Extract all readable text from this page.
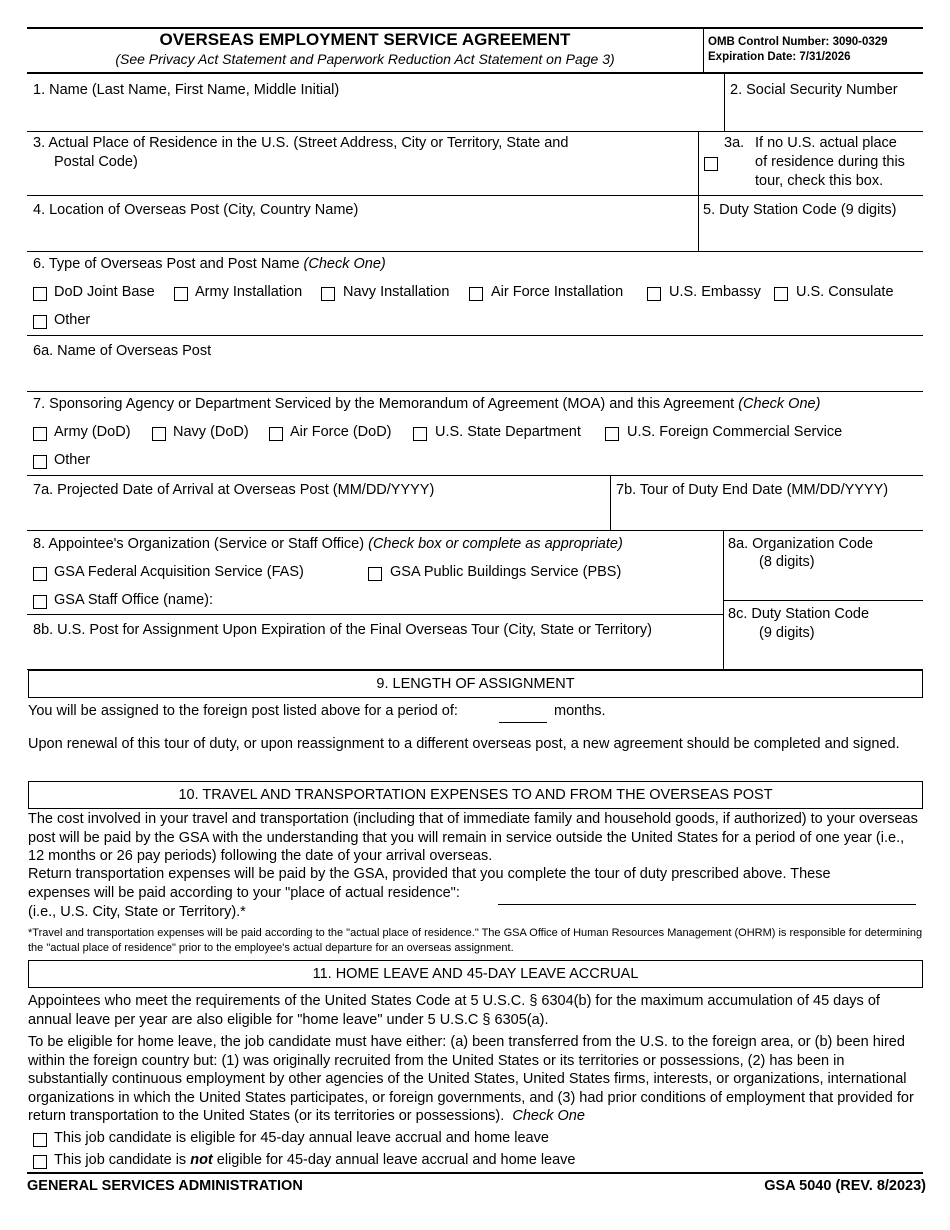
OVERSEAS EMPLOYMENT SERVICE AGREEMENT
(See Privacy Act Statement and Paperwork Reduction Act Statement on Page 3)
OMB Control Number: 3090-0329
Expiration Date: 7/31/2026
1. Name (Last Name, First Name, Middle Initial)	2. Social Security Number
3. Actual Place of Residence in the U.S. (Street Address, City or Territory, State and
Postal Code)
3a. If no U.S. actual place
of residence during this
tour, check this box.
4. Location of Overseas Post (City, Country Name)	5. Duty Station Code (9 digits)
6. Type of Overseas Post and Post Name (Check One)
DoD Joint Base	Army Installation	Navy Installation	Air Force Installation	U.S. Embassy U.S. Consulate
Other
6a. Name of Overseas Post
7. Sponsoring Agency or Department Serviced by the Memorandum of Agreement (MOA) and this Agreement (Check One)
Army (DoD)	Navy (DoD)	Air Force (DoD)	U.S. State Department	U.S. Foreign Commercial Service
Other
7a. Projected Date of Arrival at Overseas Post (MM/DD/YYYY)	7b. Tour of Duty End Date (MM/DD/YYYY)
8. Appointee's Organization (Service or Staff Office) (Check box or complete as appropriate)
GSA Federal Acquisition Service (FAS)	GSA Public Buildings Service (PBS)
GSA Staff Office (name):
8a. Organization Code
(8 digits)
8c. Duty Station Code
(9 digits)
8b. U.S. Post for Assignment Upon Expiration of the Final Overseas Tour (City, State or Territory)
9. LENGTH OF ASSIGNMENT
You will be assigned to the foreign post listed above for a period of:	months.
Upon renewal of this tour of duty, or upon reassignment to a different overseas post, a new agreement should be completed and signed.
10. TRAVEL AND TRANSPORTATION EXPENSES TO AND FROM THE OVERSEAS POST
The cost involved in your travel and transportation (including that of immediate family and household goods, if authorized) to your overseas post will be paid by the GSA with the understanding that you will remain in service outside the United States for a period of one year (i.e., 12 months or 26 pay periods) following the date of your arrival overseas.
Return transportation expenses will be paid by the GSA, provided that you complete the tour of duty prescribed above. These
expenses will be paid according to your "place of actual residence":
(i.e., U.S. City, State or Territory).*
*Travel and transportation expenses will be paid according to the "actual place of residence." The GSA Office of Human Resources Management (OHRM) is responsible for determining the "actual place of residence" prior to the employee's actual departure for an overseas assignment.
11. HOME LEAVE AND 45-DAY LEAVE ACCRUAL
Appointees who meet the requirements of the United States Code at 5 U.S.C. § 6304(b) for the maximum accumulation of 45 days of annual leave per year are also eligible for "home leave" under 5 U.S.C § 6305(a).
To be eligible for home leave, the job candidate must have either: (a) been transferred from the U.S. to the foreign area, or (b) been hired within the foreign country but: (1) was originally recruited from the United States or its territories or possessions, (2) has been in substantially continuous employment by other agencies of the United States, United States firms, interests, or organizations, international organizations in which the United States participates, or foreign governments, and (3) had prior conditions of employment that provided for return transportation to the United States (or its territories or possessions). Check One
This job candidate is eligible for 45-day annual leave accrual and home leave
This job candidate is not eligible for 45-day annual leave accrual and home leave
GENERAL SERVICES ADMINISTRATION	GSA 5040 (REV. 8/2023)
